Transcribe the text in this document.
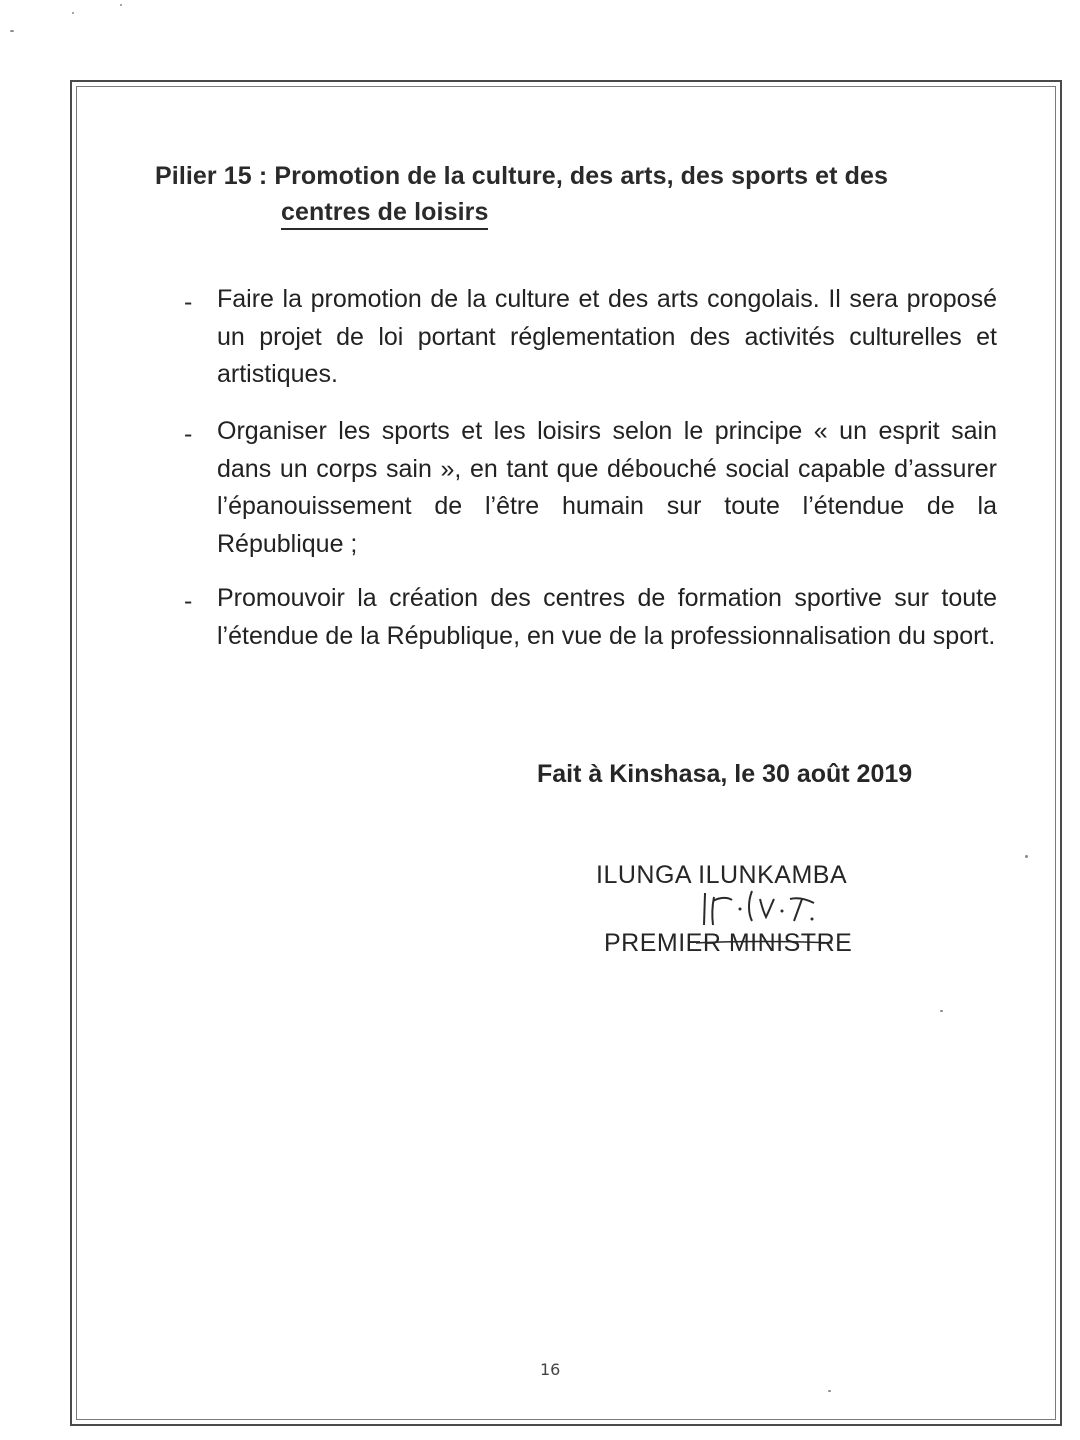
Pilier 15 : Promotion de la culture, des arts, des sports et des
centres de loisirs
- Faire la promotion de la culture et des arts congolais. Il sera proposé un projet de loi portant réglementation des activités culturelles et artistiques.
- Organiser les sports et les loisirs selon le principe « un esprit sain dans un corps sain », en tant que débouché social capable d’assurer l’épanouissement de l’être humain sur toute l’étendue de la République ;
- Promouvoir la création des centres de formation sportive sur toute l’étendue de la République, en vue de la professionnalisation du sport.
Fait à Kinshasa, le 30 août 2019
ILUNGA ILUNKAMBA
PREMIER MINISTRE
16
